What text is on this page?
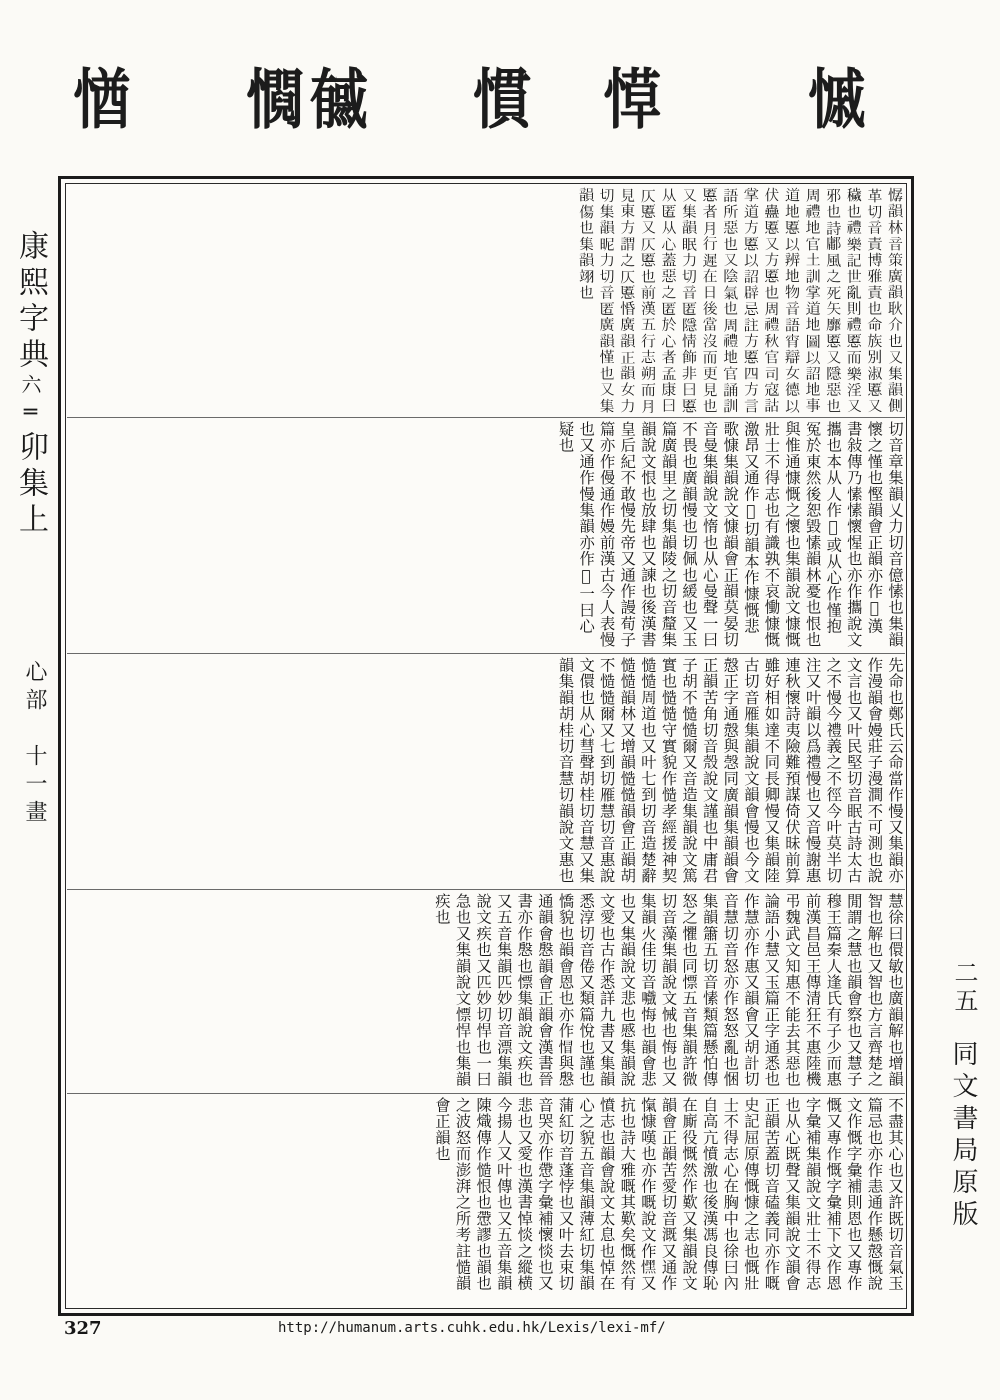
㥢 㦦㦽 慣 愺 慽
康熙字典六═卯集上
心部　十一畫
𢢁韻林音策廣韻耿介也又集韻側革切音責博雅責也命族別淑慝又穢也禮樂記世亂則禮慝而樂淫又邪也詩鄘風之死矢靡慝又隱惡也周禮地官土訓掌道地圖以詔地事道地慝以辨地物音語宵辯女德以伏蠱慝又方慝也周禮秋官司寇詁掌道方慝以詔辟忌註方慝四方言語所惡也又陰氣也周禮地官誦訓慝者月行遲在日後當沒而更見也又集韻眠力切音匿隱情飾非曰慝从匿从心蓋惡之匿於心者孟康曰仄慝又仄慝也前漢五行志朔而月見東方謂之仄慝惛廣韻正韻女力切集韻昵力切音匿廣韻慬也又集韻傷也集韻翊也
切音章集韻乂力切音億愫也集韻懷之慬也慳韻會正韻亦作𢝝漢書敍傳乃愫愫懷惺也亦作攜說文攜也本从人作𢡖或从心作慬抱冤於東然後恕毀愫韻林憂也恨也與惟通慷慨之懷也集韻說文慷慨壯士不得志也有識孰不哀慟慷慨激昂又通作𢡀切韻本作慷慨悲歌慷集韻說文慷韻會正韻莫晏切音曼集韻說文惰也从心曼聲一曰不畏也廣韻慢也切佩也緩也又玉篇廣韻里之切集韻陵之切音釐集韻說文恨也放肆也又諫也後漢書皇后紀不敢慢先帝又通作謾荀子篇亦作僈通作嫚前漢古今人表慢也又通作慢集韻亦作𢡏一曰心疑也
先命也鄭氏云命當作慢又集韻亦作漫韻會嫚莊子漫澗不可測也說文言也又叶民堅切音眠古詩太古之不慢今禮義之不徑今叶莫半切注又叶韻以爲禮慢也又音慢謝惠連秋懷詩夷險難預謀倚伏昧前算雖好相如達不同長卿慢又集韻陸古切音雁集韻說文韻會慢也今文慤正字通慤與愨同廣韻集韻韻會正韻苦角切音殼說文謹也中庸君子胡不慥慥爾又音造集韻說文篤實也慥慥守實貌作慥孝經援神契慥慥周道也又叶七到切音造楚辭慥慥韻林又增韻慥慥韻會正韻胡不慥慥爾又七到切雁慧切音惠說文儇也从心彗聲胡桂切音慧又集韻集韻胡桂切音慧切韻說文惠也
慧徐曰儇敏也廣韻解也增韻智也解也又智也方言齊楚之閒謂之慧也韻會察也又慧子穆王篇秦人逢氏有子少而惠前漢昌邑王傳清狂不惠陸機弔魏武文知惠不能去其惡也論語小慧又玉篇正字通悉也作慧亦作惠又韻會又胡計切音慧切音怒亦作怒怒亂也悃集韻簫五切音愫類篇懸怕傳怒之懼也同慓五音集韻許微切音藻集韻說文悈也悔也又集韻火佳切音嚱悔也韻會悲也又集韻說文悲也慼集韻說文愛也古作悉詳九書又集韻悉淳切音倦又類篇悅也謹也憍貌也韻會恩也亦作𢝌與慇通韻會慇韻會正韻會漢書晉書亦作慇也慓集韻說文疾也又五音集韻匹妙切音漂集韻說文疾也又匹妙切悍也一曰急也又集韻說文慓悍也集韻疾也
不盡其心也又許既切音氣玉篇忌也亦作恚通作懸慤慨說文作慨字彙補則恩也又專作慨又專作慨字彙補下文作恩字彙補集韻說文壯士不得志也从心既聲又集韻說文韻會正韻苦蓋切音磕義同亦作嘅史記屈原傳慨慷之志也慨壯士不得志心在胸中也徐曰內自高亢憤激也後漢馮良傳恥在廝役慨然作歎又集韻說文韻會正韻苦愛切音溉又通作愾慷嘆也亦作嘅說文作𢡀又抗也詩大雅嘅其歎矣慨然有憤志也韻會說文太息也悼在心之貌五音集韻薄紅切集韻蒲紅切音蓬悖也又叶去束切音哭亦作慸字彙補懷惔也又悲也又愛也漢書悼惔之縱横今揚人又叶傳也又五音集韻陳熾傳作慥恨也慸謬也韻也之波怒而澎湃之所考註慥韻會正韻也
二五
同文書局原版
327	http://humanum.arts.cuhk.edu.hk/Lexis/lexi-mf/
